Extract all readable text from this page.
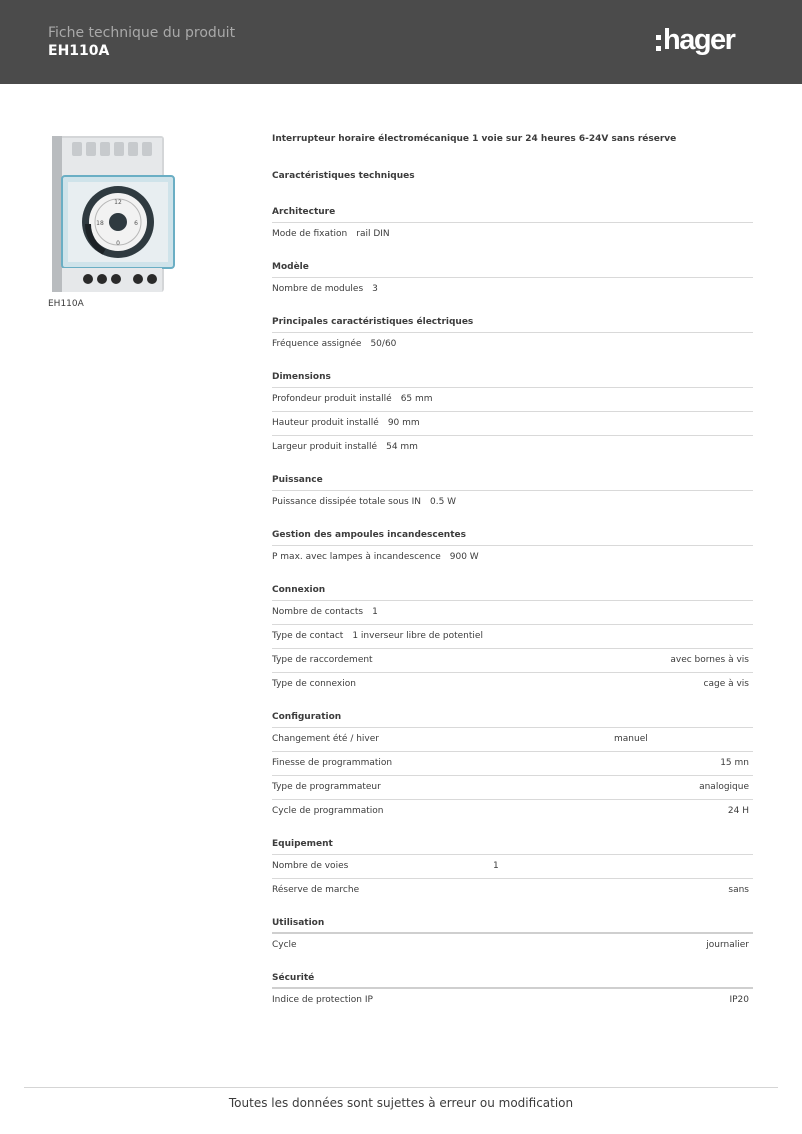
Fiche technique du produit
EH110A	hager
12
6
0
18
EH110A
Interrupteur horaire électromécanique 1 voie sur 24 heures 6-24V sans réserve
Caractéristiques techniques
Architecture
Mode de fixation rail DIN
Modèle
Nombre de modules 3
Principales caractéristiques électriques
Fréquence assignée 50/60
Dimensions
Profondeur produit installé 65 mm
Hauteur produit installé 90 mm
Largeur produit installé 54 mm
Puissance
Puissance dissipée totale sous IN 0.5 W
Gestion des ampoules incandescentes
P max. avec lampes à incandescence 900 W
Connexion
Nombre de contacts 1
Type de contact 1 inverseur libre de potentiel
Type de raccordement	avec bornes à vis
Type de connexion	cage à vis
Configuration
Changement été / hiver	manuel
Finesse de programmation	15 mn
Type de programmateur	analogique
Cycle de programmation	24 H
Equipement
Nombre de voies	1
Réserve de marche	sans
Utilisation
Cycle	journalier
Sécurité
Indice de protection IP	IP20
Toutes les données sont sujettes à erreur ou modification
